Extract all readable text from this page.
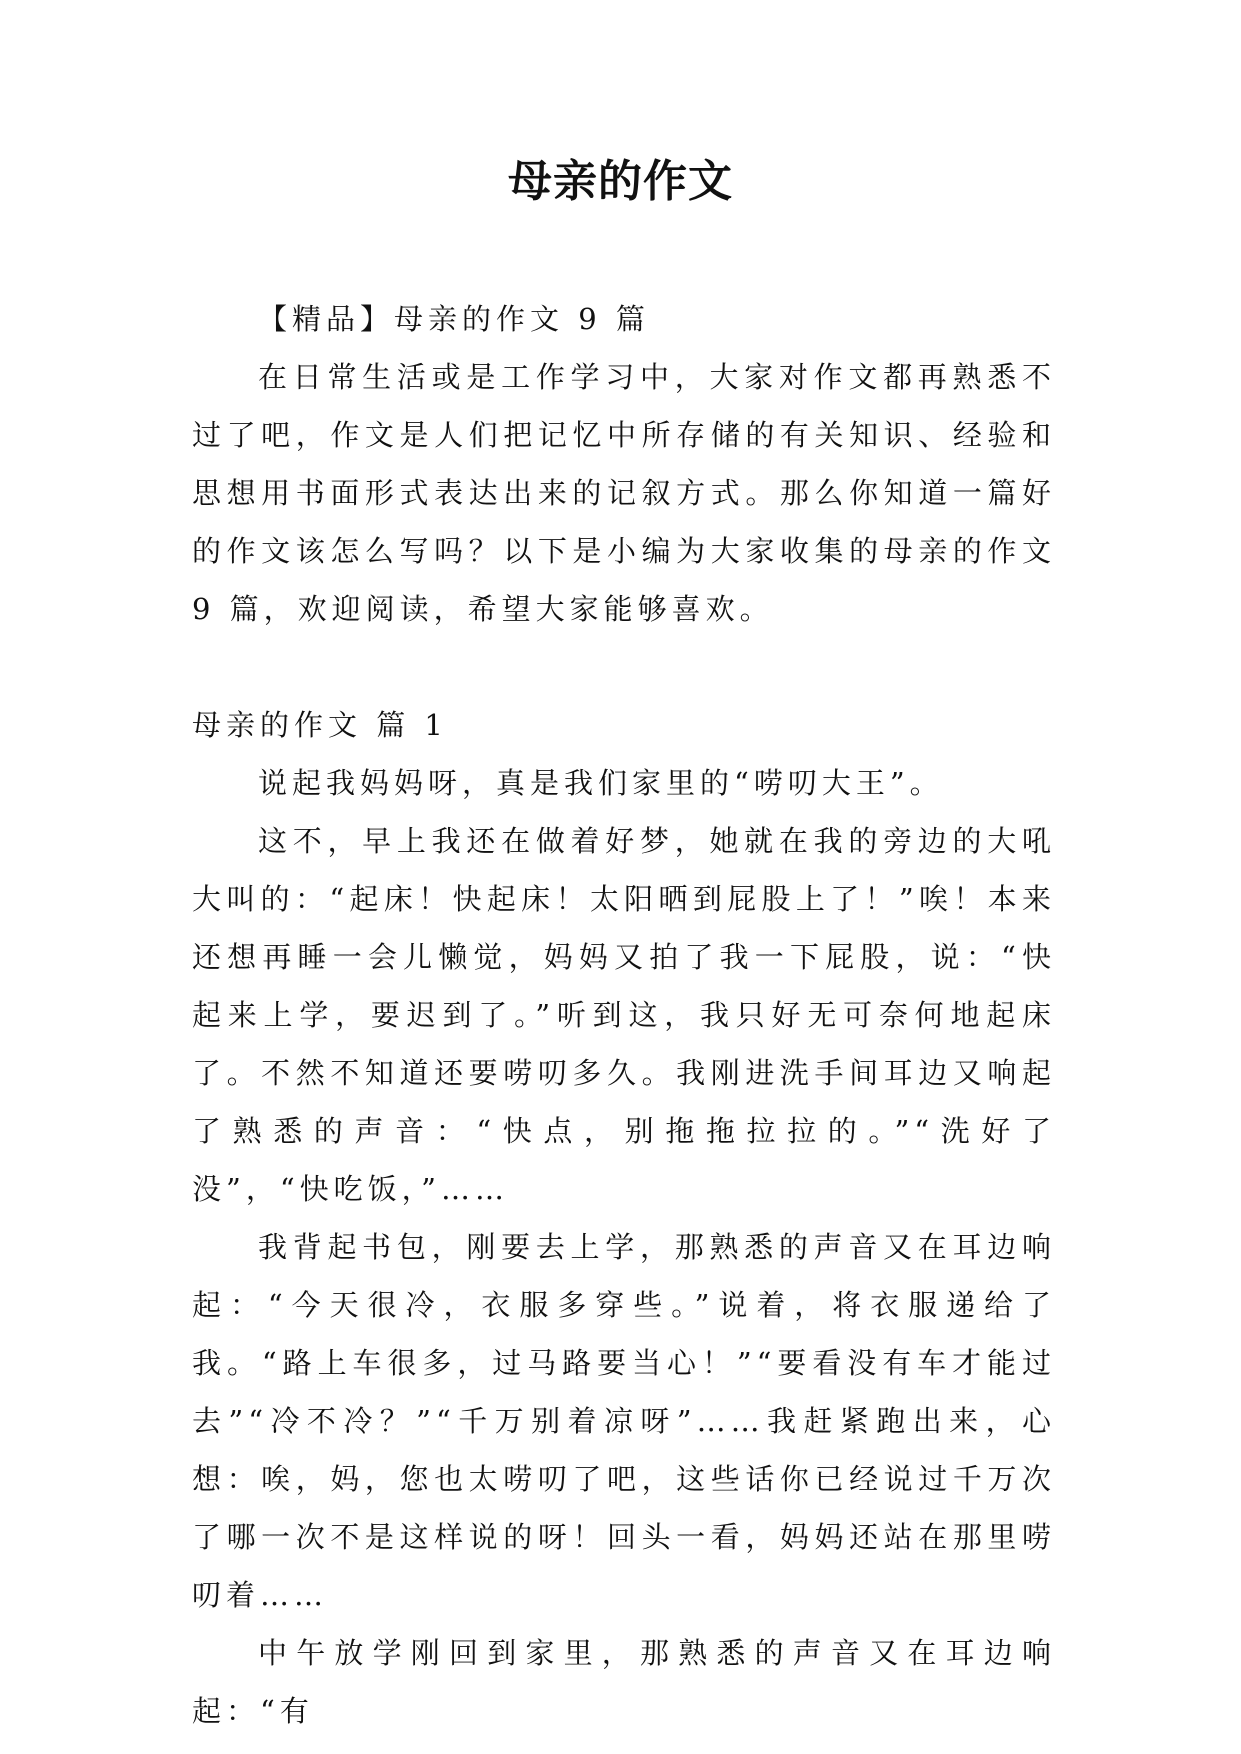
母亲的作文

【精品】母亲的作文 9 篇

在日常生活或是工作学习中，大家对作文都再熟悉不过了吧，作文是人们把记忆中所存储的有关知识、经验和思想用书面形式表达出来的记叙方式。那么你知道一篇好的作文该怎么写吗？以下是小编为大家收集的母亲的作文 9 篇，欢迎阅读，希望大家能够喜欢。

母亲的作文 篇 1

说起我妈妈呀，真是我们家里的“唠叨大王”。

这不，早上我还在做着好梦，她就在我的旁边的大吼大叫的：“起床！快起床！太阳晒到屁股上了！”唉！本来还想再睡一会儿懒觉，妈妈又拍了我一下屁股，说：“快起来上学，要迟到了。”听到这，我只好无可奈何地起床了。不然不知道还要唠叨多久。我刚进洗手间耳边又响起了熟悉的声音：“快点，别拖拖拉拉的。”“洗好了没”，“快吃饭，”……

我背起书包，刚要去上学，那熟悉的声音又在耳边响起：“今天很冷，衣服多穿些。”说着，将衣服递给了我。“路上车很多，过马路要当心！”“要看没有车才能过去”“冷不冷？”“千万别着凉呀”……我赶紧跑出来，心想：唉，妈，您也太唠叨了吧，这些话你已经说过千万次了哪一次不是这样说的呀！回头一看，妈妈还站在那里唠叨着……

中午放学刚回到家里，那熟悉的声音又在耳边响起：“有
